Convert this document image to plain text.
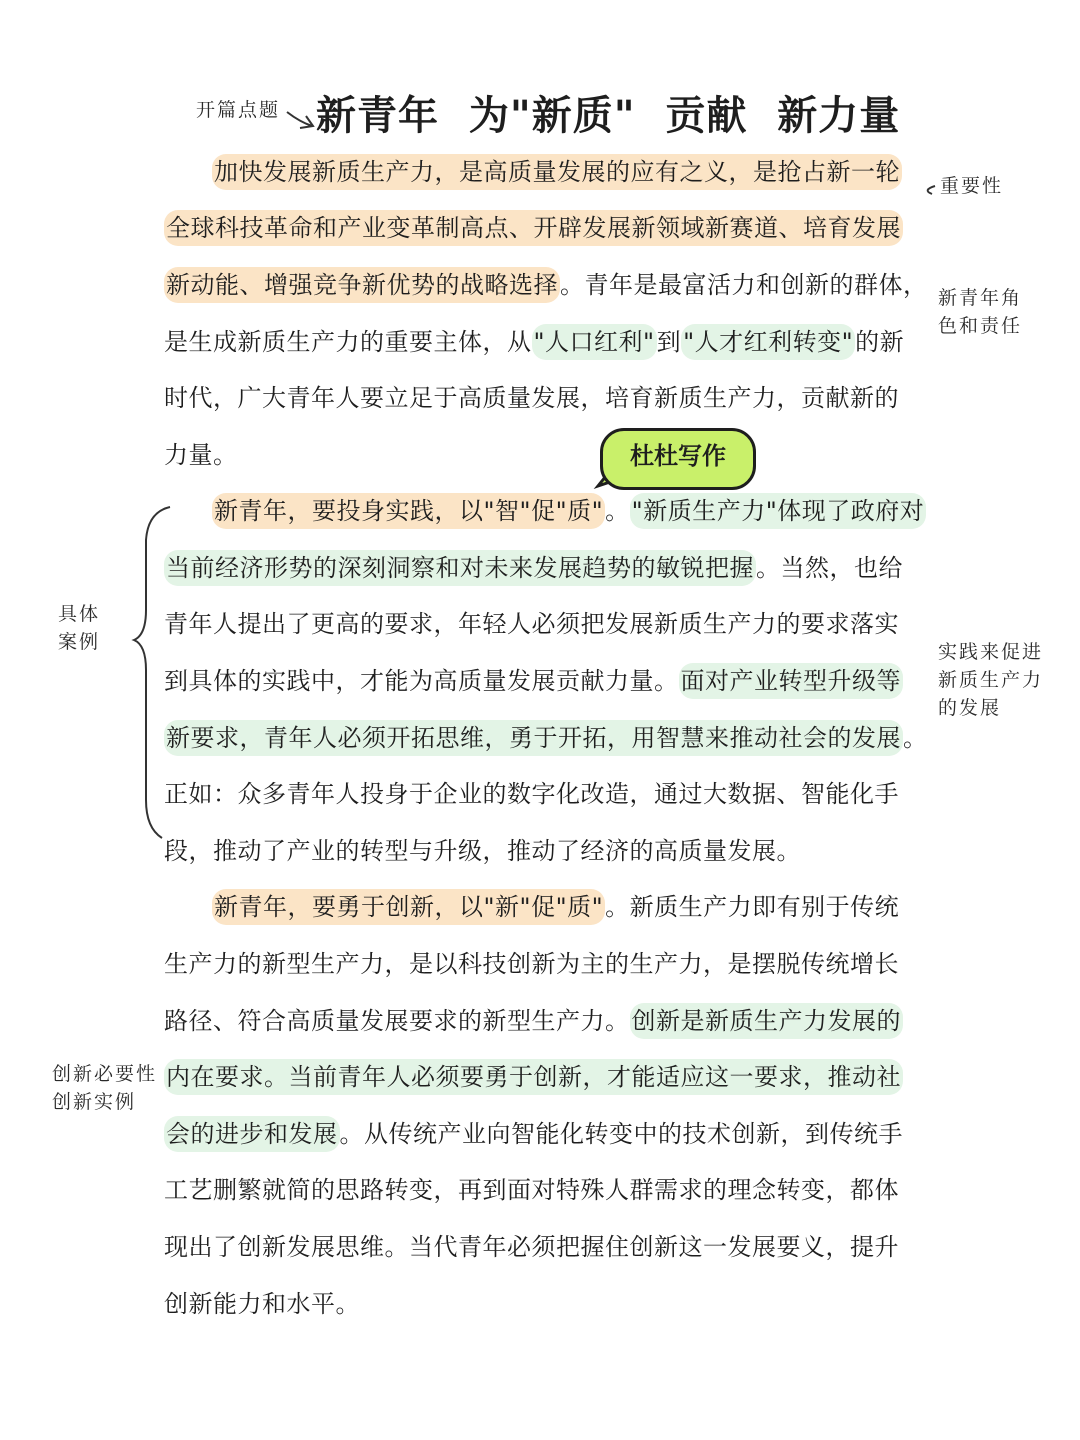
新青年  为"新质"  贡献  新力量
开篇点题
重要性
新青年角
色和责任
具体
案例	实践来促进
新质生产力
的发展
创新必要性
创新实例
杜杜写作
加快发展新质生产力，是高质量发展的应有之义，是抢占新一轮
全球科技革命和产业变革制高点、开辟发展新领域新赛道、培育发展
新动能、增强竞争新优势的战略选择。青年是最富活力和创新的群体，
是生成新质生产力的重要主体，从"人口红利"到"人才红利转变"的新
时代，广大青年人要立足于高质量发展，培育新质生产力，贡献新的
力量。
新青年，要投身实践，以"智"促"质"。"新质生产力"体现了政府对
当前经济形势的深刻洞察和对未来发展趋势的敏锐把握。当然，也给
青年人提出了更高的要求，年轻人必须把发展新质生产力的要求落实
到具体的实践中，才能为高质量发展贡献力量。面对产业转型升级等
新要求，青年人必须开拓思维，勇于开拓，用智慧来推动社会的发展。
正如：众多青年人投身于企业的数字化改造，通过大数据、智能化手
段，推动了产业的转型与升级，推动了经济的高质量发展。
新青年，要勇于创新，以"新"促"质"。新质生产力即有别于传统
生产力的新型生产力，是以科技创新为主的生产力，是摆脱传统增长
路径、符合高质量发展要求的新型生产力。创新是新质生产力发展的
内在要求。当前青年人必须要勇于创新，才能适应这一要求，推动社
会的进步和发展。从传统产业向智能化转变中的技术创新，到传统手
工艺删繁就简的思路转变，再到面对特殊人群需求的理念转变，都体
现出了创新发展思维。当代青年必须把握住创新这一发展要义，提升
创新能力和水平。
